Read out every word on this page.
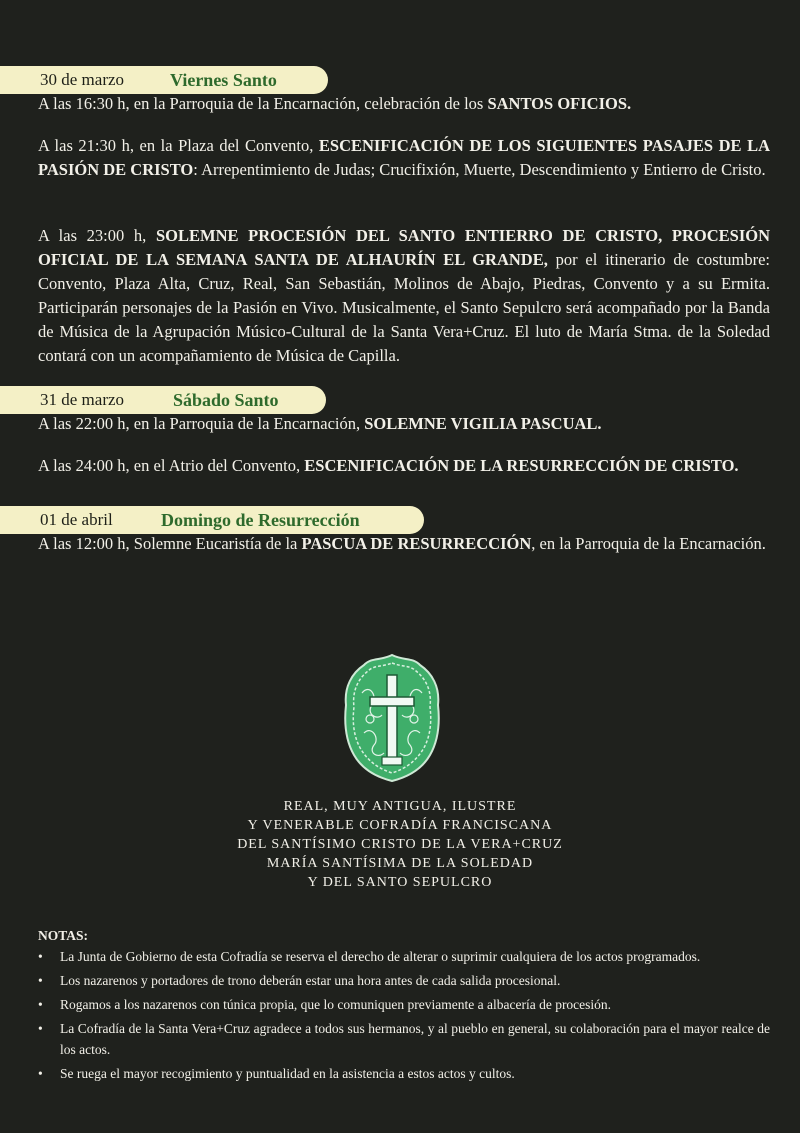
30 de marzo	Viernes Santo

A las 16:30 h, en la Parroquia de la Encarnación, celebración de los SANTOS OFICIOS.

A las 21:30 h, en la Plaza del Convento, ESCENIFICACIÓN DE LOS SIGUIENTES PASAJES DE LA PASIÓN DE CRISTO: Arrepentimiento de Judas; Crucifixión, Muerte, Descendimiento y Entierro de Cristo.

A las 23:00 h, SOLEMNE PROCESIÓN DEL SANTO ENTIERRO DE CRISTO, PROCESIÓN OFICIAL DE LA SEMANA SANTA DE ALHAURÍN EL GRANDE, por el itinerario de costumbre: Convento, Plaza Alta, Cruz, Real, San Sebastián, Molinos de Abajo, Piedras, Convento y a su Ermita. Participarán personajes de la Pasión en Vivo. Musicalmente, el Santo Sepulcro será acompañado por la Banda de Música de la Agrupación Músico-Cultural de la Santa Vera+Cruz. El luto de María Stma. de la Soledad contará con un acompañamiento de Música de Capilla.

31 de marzo	Sábado Santo

A las 22:00 h, en la Parroquia de la Encarnación, SOLEMNE VIGILIA PASCUAL.

A las 24:00 h, en el Atrio del Convento, ESCENIFICACIÓN DE LA RESURRECCIÓN DE CRISTO.

01 de abril	Domingo de Resurrección

A las 12:00 h, Solemne Eucaristía de la PASCUA DE RESURRECCIÓN, en la Parroquia de la Encarnación.

REAL, MUY ANTIGUA, ILUSTRE
Y VENERABLE COFRADÍA FRANCISCANA
DEL SANTÍSIMO CRISTO DE LA VERA+CRUZ
MARÍA SANTÍSIMA DE LA SOLEDAD
Y DEL SANTO SEPULCRO
NOTAS:
• La Junta de Gobierno de esta Cofradía se reserva el derecho de alterar o suprimir cualquiera de los actos programados.
• Los nazarenos y portadores de trono deberán estar una hora antes de cada salida procesional.
• Rogamos a los nazarenos con túnica propia, que lo comuniquen previamente a albacería de procesión.
• La Cofradía de la Santa Vera+Cruz agradece a todos sus hermanos, y al pueblo en general, su colaboración para el mayor realce de los actos.
• Se ruega el mayor recogimiento y puntualidad en la asistencia a estos actos y cultos.
